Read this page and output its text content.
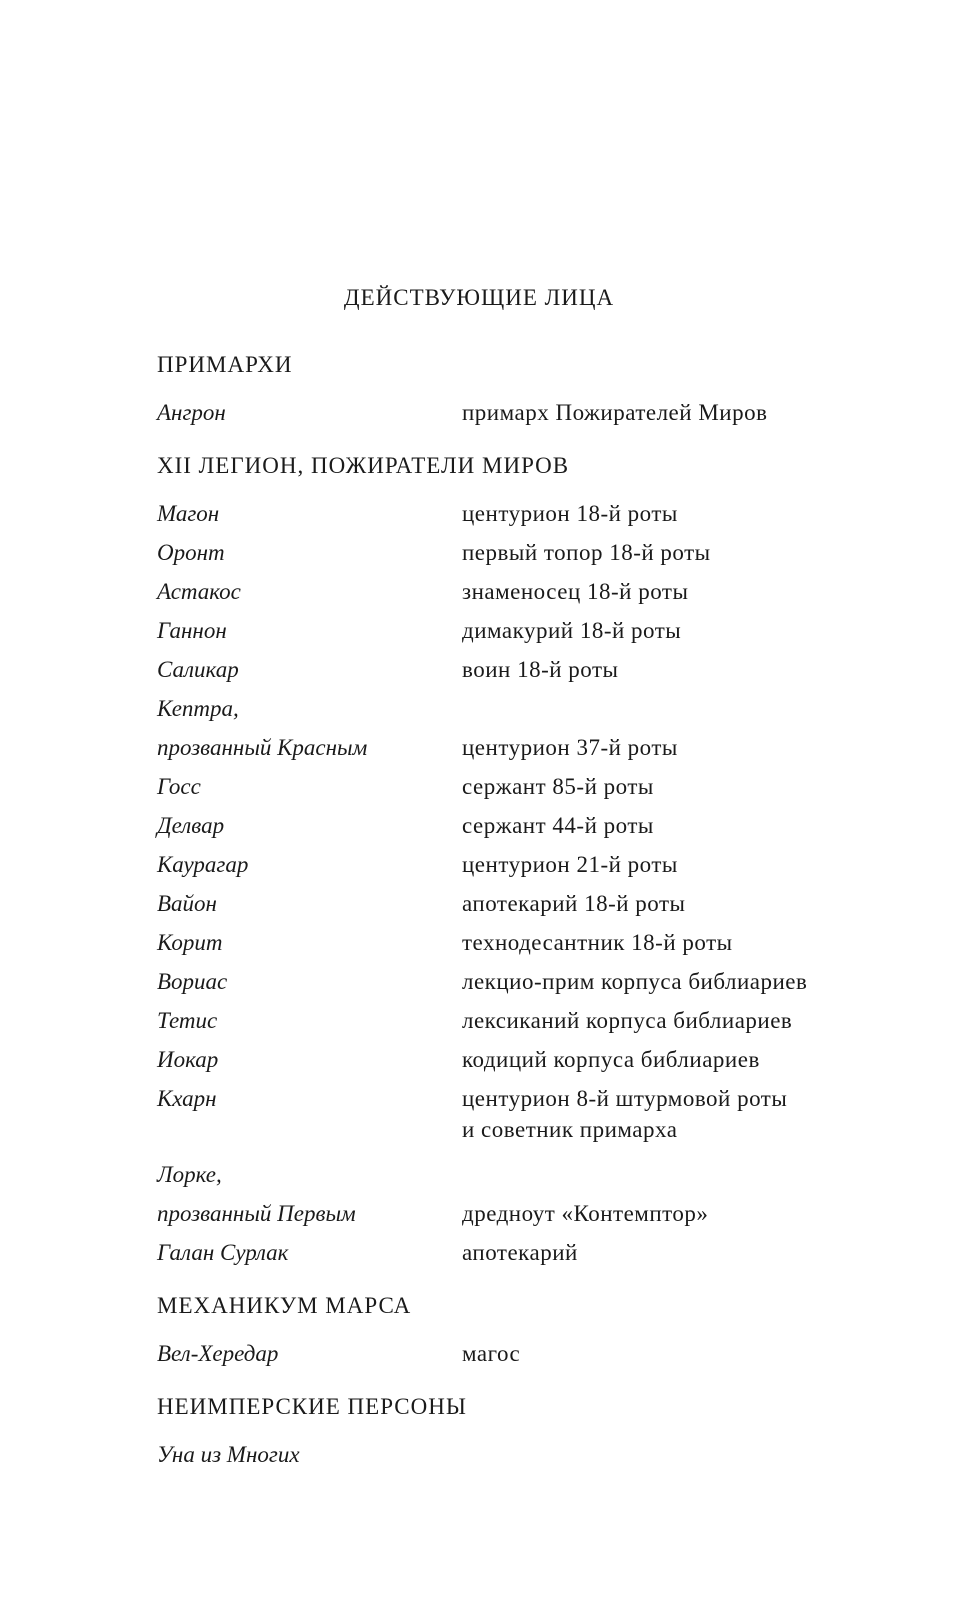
ДЕЙСТВУЮЩИЕ ЛИЦА
ПРИМАРХИ
Ангрон	примарх Пожирателей Миров
XII ЛЕГИОН, ПОЖИРАТЕЛИ МИРОВ
Магон	центурион 18-й роты
Оронт	первый топор 18-й роты
Астакос	знаменосец 18-й роты
Ганнон	димакурий 18-й роты
Саликар	воин 18-й роты
Кептра,
прозванный Красным	центурион 37-й роты
Госс	сержант 85-й роты
Делвар	сержант 44-й роты
Каурагар	центурион 21-й роты
Вайон	апотекарий 18-й роты
Корит	технодесантник 18-й роты
Вориас	лекцио-прим корпуса библиариев
Тетис	лексиканий корпуса библиариев
Иокар	кодиций корпуса библиариев
Кхарн	центурион 8-й штурмовой роты
и советник примарха
Лорке,
прозванный Первым	дредноут «Контемптор»
Галан Сурлак	апотекарий
МЕХАНИКУМ МАРСА
Вел-Хередар	магос
НЕИМПЕРСКИЕ ПЕРСОНЫ
Уна из Многих
